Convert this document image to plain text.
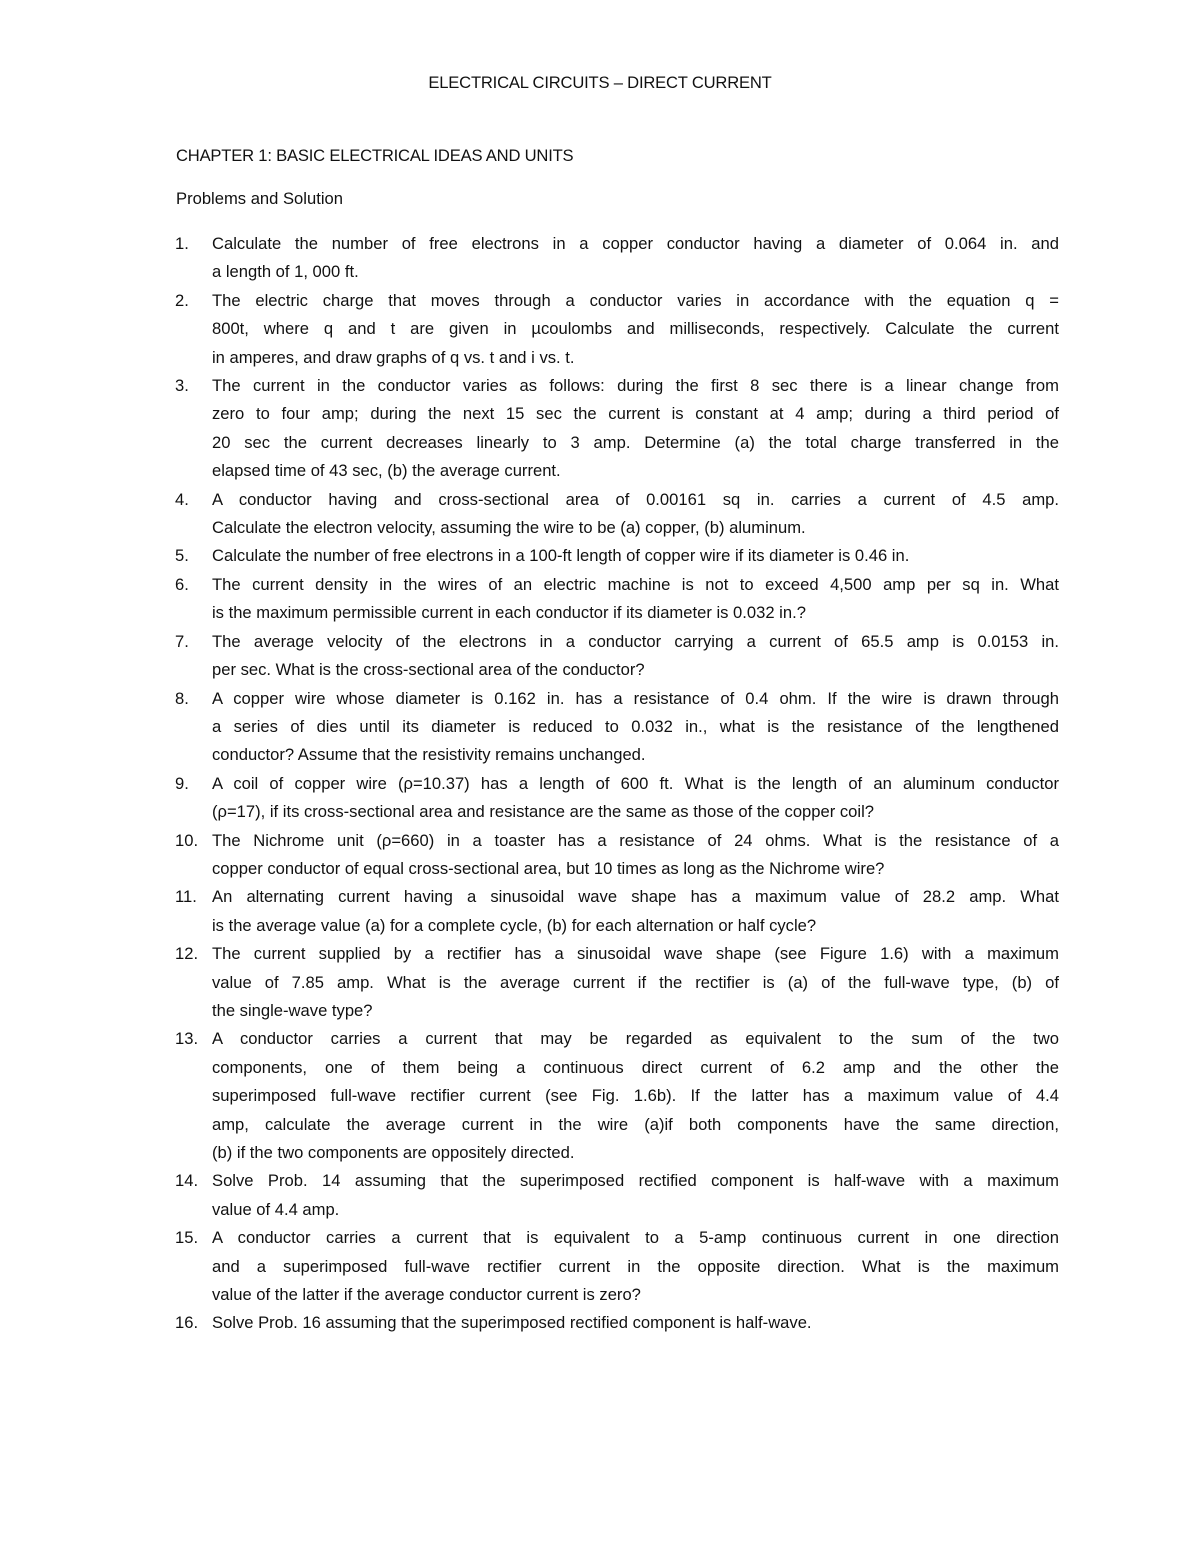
ELECTRICAL CIRCUITS – DIRECT CURRENT
CHAPTER 1: BASIC ELECTRICAL IDEAS AND UNITS
Problems and Solution
1. Calculate the number of free electrons in a copper conductor having a diameter of 0.064 in. and
a length of 1, 000 ft.
2. The electric charge that moves through a conductor varies in accordance with the equation q =
800t, where q and t are given in µcoulombs and milliseconds, respectively. Calculate the current
in amperes, and draw graphs of q vs. t and i vs. t.
3. The current in the conductor varies as follows: during the first 8 sec there is a linear change from
zero to four amp; during the next 15 sec the current is constant at 4 amp; during a third period of
20 sec the current decreases linearly to 3 amp. Determine (a) the total charge transferred in the
elapsed time of 43 sec, (b) the average current.
4. A conductor having and cross-sectional area of 0.00161 sq in. carries a current of 4.5 amp.
Calculate the electron velocity, assuming the wire to be (a) copper, (b) aluminum.
5. Calculate the number of free electrons in a 100-ft length of copper wire if its diameter is 0.46 in.
6. The current density in the wires of an electric machine is not to exceed 4,500 amp per sq in. What
is the maximum permissible current in each conductor if its diameter is 0.032 in.?
7. The average velocity of the electrons in a conductor carrying a current of 65.5 amp is 0.0153 in.
per sec. What is the cross-sectional area of the conductor?
8. A copper wire whose diameter is 0.162 in. has a resistance of 0.4 ohm. If the wire is drawn through
a series of dies until its diameter is reduced to 0.032 in., what is the resistance of the lengthened
conductor? Assume that the resistivity remains unchanged.
9. A coil of copper wire (ρ=10.37) has a length of 600 ft. What is the length of an aluminum conductor
(ρ=17), if its cross-sectional area and resistance are the same as those of the copper coil?
10. The Nichrome unit (ρ=660) in a toaster has a resistance of 24 ohms. What is the resistance of a
copper conductor of equal cross-sectional area, but 10 times as long as the Nichrome wire?
11. An alternating current having a sinusoidal wave shape has a maximum value of 28.2 amp. What
is the average value (a) for a complete cycle, (b) for each alternation or half cycle?
12. The current supplied by a rectifier has a sinusoidal wave shape (see Figure 1.6) with a maximum
value of 7.85 amp. What is the average current if the rectifier is (a) of the full-wave type, (b) of
the single-wave type?
13. A conductor carries a current that may be regarded as equivalent to the sum of the two
components, one of them being a continuous direct current of 6.2 amp and the other the
superimposed full-wave rectifier current (see Fig. 1.6b). If the latter has a maximum value of 4.4
amp, calculate the average current in the wire (a)if both components have the same direction,
(b) if the two components are oppositely directed.
14. Solve Prob. 14 assuming that the superimposed rectified component is half-wave with a maximum
value of 4.4 amp.
15. A conductor carries a current that is equivalent to a 5-amp continuous current in one direction
and a superimposed full-wave rectifier current in the opposite direction. What is the maximum
value of the latter if the average conductor current is zero?
16. Solve Prob. 16 assuming that the superimposed rectified component is half-wave.
